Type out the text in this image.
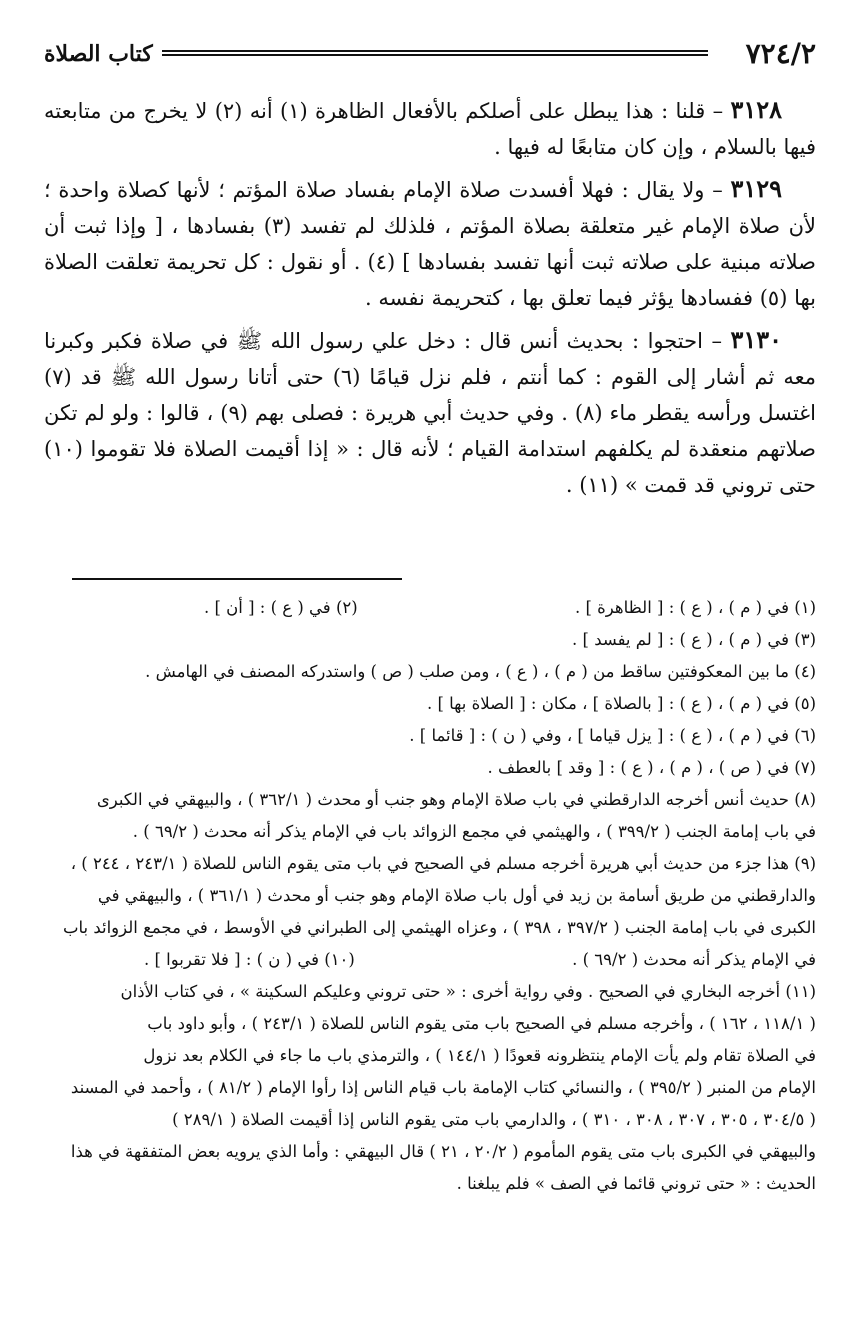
٧٢٤/٢
كتاب الصلاة

٣١٢٨ – قلنا : هذا يبطل على أصلكم بالأفعال الظاهرة (١) أنه (٢) لا يخرج من متابعته فيها بالسلام ، وإن كان متابعًا له فيها .

٣١٢٩ – ولا يقال : فهلا أفسدت صلاة الإمام بفساد صلاة المؤتم ؛ لأنها كصلاة واحدة ؛ لأن صلاة الإمام غير متعلقة بصلاة المؤتم ، فلذلك لم تفسد (٣) بفسادها ، [ وإذا ثبت أن صلاته مبنية على صلاته ثبت أنها تفسد بفسادها ] (٤) . أو نقول : كل تحريمة تعلقت الصلاة بها (٥) ففسادها يؤثر فيما تعلق بها ، كتحريمة نفسه .

٣١٣٠ – احتجوا : بحديث أنس قال : دخل علي رسول الله ﷺ في صلاة فكبر وكبرنا معه ثم أشار إلى القوم : كما أنتم ، فلم نزل قيامًا (٦) حتى أتانا رسول الله ﷺ قد (٧) اغتسل ورأسه يقطر ماء (٨) . وفي حديث أبي هريرة : فصلى بهم (٩) ، قالوا : ولو لم تكن صلاتهم منعقدة لم يكلفهم استدامة القيام ؛ لأنه قال : « إذا أقيمت الصلاة فلا تقوموا (١٠) حتى تروني قد قمت » (١١) .

(١) في ( م ) ، ( ع ) : [ الظاهرة ] .
(٢) في ( ع ) : [ أن ] .

(٣) في ( م ) ، ( ع ) : [ لم يفسد ] .

(٤) ما بين المعكوفتين ساقط من ( م ) ، ( ع ) ، ومن صلب ( ص ) واستدركه المصنف في الهامش .

(٥) في ( م ) ، ( ع ) : [ بالصلاة ] ، مكان : [ الصلاة بها ] .

(٦) في ( م ) ، ( ع ) : [ يزل قياما ] ، وفي ( ن ) : [ قائما ] .

(٧) في ( ص ) ، ( م ) ، ( ع ) : [ وقد ] بالعطف .

(٨) حديث أنس أخرجه الدارقطني في باب صلاة الإمام وهو جنب أو محدث ( ٣٦٢/١ ) ، والبيهقي في الكبرى
في باب إمامة الجنب ( ٣٩٩/٢ ) ، والهيثمي في مجمع الزوائد باب في الإمام يذكر أنه محدث ( ٦٩/٢ ) .
(٩) هذا جزء من حديث أبي هريرة أخرجه مسلم في الصحيح في باب متى يقوم الناس للصلاة ( ٢٤٣/١ ، ٢٤٤ ) ،
والدارقطني من طريق أسامة بن زيد في أول باب صلاة الإمام وهو جنب أو محدث ( ٣٦١/١ ) ، والبيهقي في
الكبرى في باب إمامة الجنب ( ٣٩٧/٢ ، ٣٩٨ ) ، وعزاه الهيثمي إلى الطبراني في الأوسط ، في مجمع الزوائد باب
في الإمام يذكر أنه محدث ( ٦٩/٢ ) .
(١٠) في ( ن ) : [ فلا تقربوا ] .
(١١) أخرجه البخاري في الصحيح . وفي رواية أخرى : « حتى تروني وعليكم السكينة » ، في كتاب الأذان
( ١١٨/١ ، ١٦٢ ) ، وأخرجه مسلم في الصحيح باب متى يقوم الناس للصلاة ( ٢٤٣/١ ) ، وأبو داود باب
في الصلاة تقام ولم يأت الإمام ينتظرونه قعودًا ( ١٤٤/١ ) ، والترمذي باب ما جاء في الكلام بعد نزول
الإمام من المنبر ( ٣٩٥/٢ ) ، والنسائي كتاب الإمامة باب قيام الناس إذا رأوا الإمام ( ٨١/٢ ) ، وأحمد في المسند
( ٣٠٤/٥ ، ٣٠٥ ، ٣٠٧ ، ٣٠٨ ، ٣١٠ ) ، والدارمي باب متى يقوم الناس إذا أقيمت الصلاة ( ٢٨٩/١ )
والبيهقي في الكبرى باب متى يقوم المأموم ( ٢٠/٢ ، ٢١ ) قال البيهقي : وأما الذي يرويه بعض المتفقهة في هذا
الحديث : « حتى تروني قائما في الصف » فلم يبلغنا .
